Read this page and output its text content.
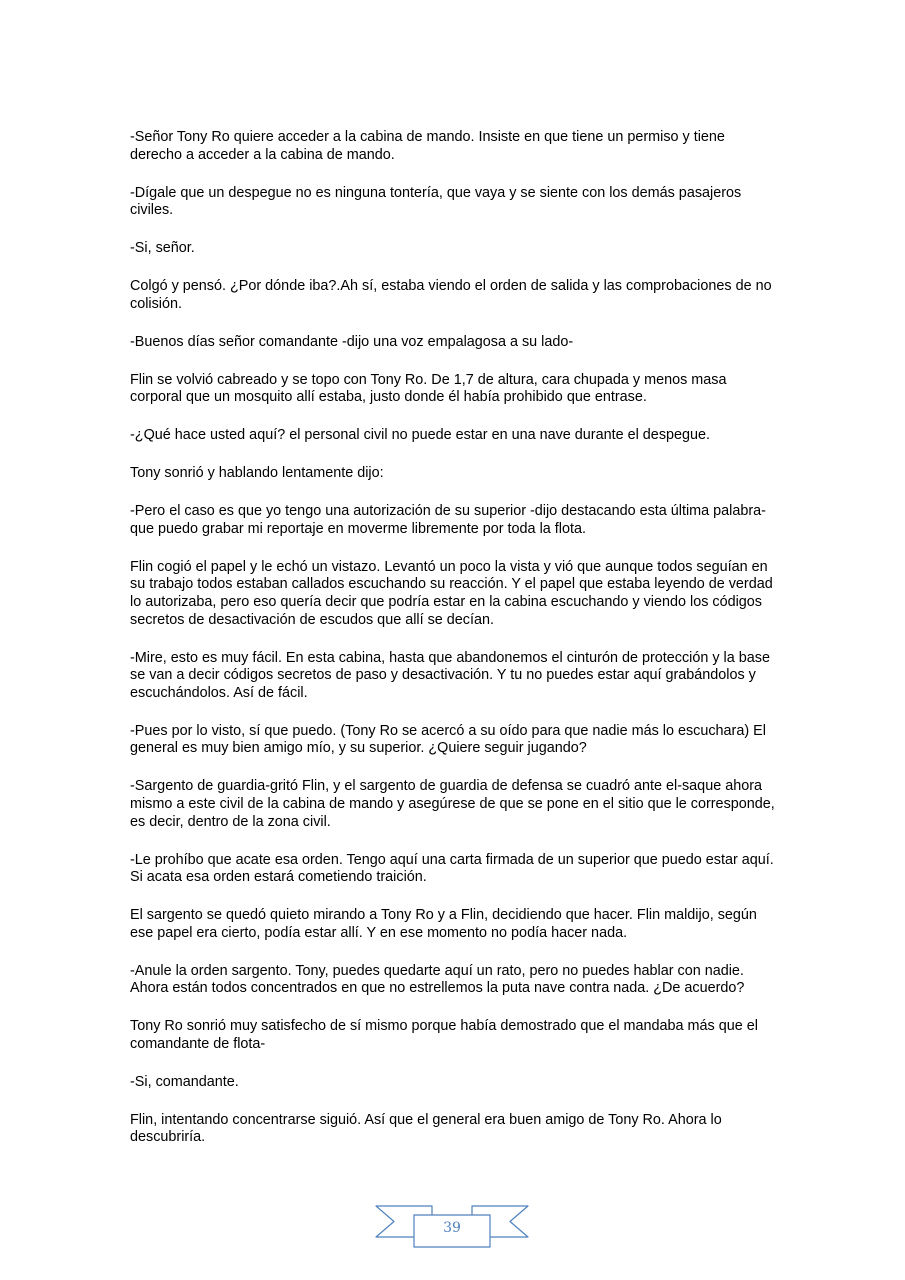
-Señor Tony Ro quiere acceder a la cabina de mando. Insiste en que tiene un permiso y tiene derecho a acceder a la cabina de mando.

-Dígale que un despegue no es ninguna tontería, que vaya y se siente con los demás pasajeros civiles.

-Si, señor.

Colgó y pensó. ¿Por dónde iba?.Ah sí, estaba viendo el orden de salida y las comprobaciones de no colisión.

-Buenos días señor comandante -dijo una voz empalagosa a su lado-

Flin se volvió cabreado y se topo con Tony Ro. De 1,7 de altura, cara chupada y menos masa corporal que un mosquito allí estaba, justo donde él había prohibido que entrase.

-¿Qué hace usted aquí? el personal civil no puede estar en una nave durante el despegue.

Tony sonrió y hablando lentamente dijo:

-Pero el caso es que yo tengo una autorización de su superior -dijo destacando esta última palabra- que puedo grabar mi reportaje en moverme libremente por toda la flota.

Flin cogió el papel y le echó un vistazo. Levantó un poco la vista y vió que aunque todos seguían en su trabajo todos estaban callados escuchando su reacción. Y el papel que estaba leyendo de verdad lo autorizaba, pero eso quería decir que podría estar en la cabina escuchando y viendo los códigos secretos de desactivación de escudos que allí se decían.

-Mire, esto es muy fácil. En esta cabina, hasta que abandonemos el cinturón de protección y la base se van a decir códigos secretos de paso y desactivación. Y tu no puedes estar aquí grabándolos y escuchándolos. Así de fácil.

-Pues por lo visto, sí que puedo. (Tony Ro se acercó a su oído para que nadie más lo escuchara) El general es muy bien amigo mío, y su superior. ¿Quiere seguir jugando?

-Sargento de guardia-gritó Flin, y el sargento de guardia de defensa se cuadró ante el-saque ahora mismo a este civil de la cabina de mando y asegúrese de que se pone en el sitio que le corresponde, es decir, dentro de la zona civil.

-Le prohíbo que acate esa orden. Tengo aquí una carta firmada de un superior que puedo estar aquí. Si acata esa orden estará cometiendo traición.

El sargento se quedó quieto mirando a Tony Ro y a Flin, decidiendo que hacer. Flin maldijo, según ese papel era cierto, podía estar allí. Y en ese momento no podía hacer nada.

-Anule la orden sargento. Tony, puedes quedarte aquí un rato, pero no puedes hablar con nadie. Ahora están todos concentrados en que no estrellemos la puta nave contra nada. ¿De acuerdo?

Tony Ro sonrió muy satisfecho de sí mismo porque había demostrado que el mandaba más que el comandante de flota-

-Si, comandante.

Flin, intentando concentrarse siguió. Así que el general era buen amigo de Tony Ro. Ahora lo descubriría.

39
